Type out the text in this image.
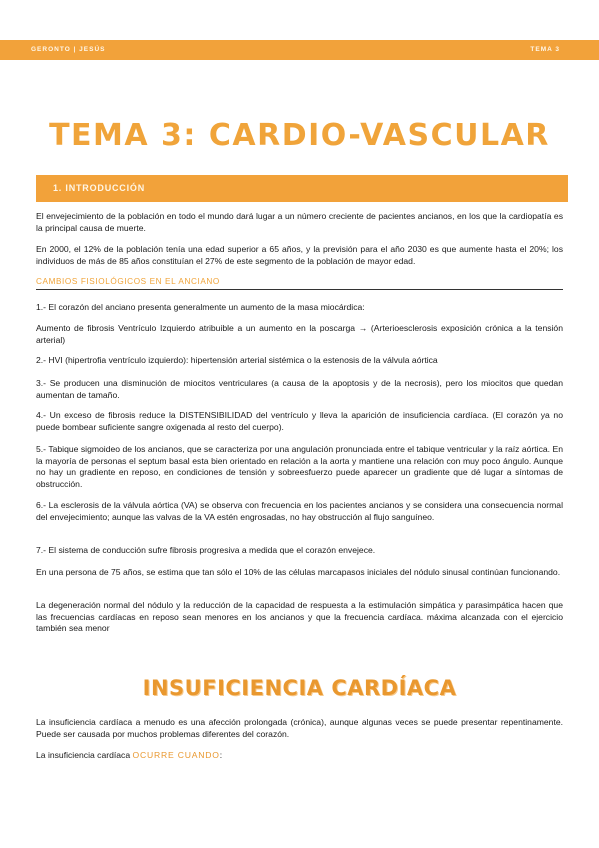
GERONTO | JESÚS	TEMA 3
TEMA 3: CARDIO-VASCULAR
1. INTRODUCCIÓN
El envejecimiento de la población en todo el mundo dará lugar a un número creciente de pacientes ancianos, en los que la cardiopatía es la principal causa de muerte.
En 2000, el 12% de la población tenía una edad superior a 65 años, y la previsión para el año 2030 es que aumente hasta el 20%; los individuos de más de 85 años constituían el 27% de este segmento de la población de mayor edad.
CAMBIOS FISIOLÓGICOS EN EL ANCIANO
1.- El corazón del anciano presenta generalmente un aumento de la masa miocárdica:
Aumento de fibrosis Ventrículo Izquierdo atribuible a un aumento en la poscarga → (Arterioesclerosis exposición crónica a la tensión arterial)
2.- HVI (hipertrofia ventrículo izquierdo): hipertensión arterial sistémica o la estenosis de la válvula aórtica
3.- Se producen una disminución de miocitos ventriculares (a causa de la apoptosis y de la necrosis), pero los miocitos que quedan aumentan de tamaño.
4.- Un exceso de fibrosis reduce la DISTENSIBILIDAD del ventrículo y lleva la aparición de insuficiencia cardíaca. (El corazón ya no puede bombear suficiente sangre oxigenada al resto del cuerpo).
5.- Tabique sigmoideo de los ancianos, que se caracteriza por una angulación pronunciada entre el tabique ventricular y la raíz aórtica. En la mayoría de personas el septum basal esta bien orientado en relación a la aorta y mantiene una relación con muy poco ángulo. Aunque no hay un gradiente en reposo, en condiciones de tensión y sobreesfuerzo puede aparecer un gradiente que dé lugar a síntomas de obstrucción.
6.- La esclerosis de la válvula aórtica (VA) se observa con frecuencia en los pacientes ancianos y se considera una consecuencia normal del envejecimiento; aunque las valvas de la VA estén engrosadas, no hay obstrucción al flujo sanguíneo.
7.- El sistema de conducción sufre fibrosis progresiva a medida que el corazón envejece.
En una persona de 75 años, se estima que tan sólo el 10% de las células marcapasos iniciales del nódulo sinusal continúan funcionando.
La degeneración normal del nódulo y la reducción de la capacidad de respuesta a la estimulación simpática y parasimpática hacen que las frecuencias cardíacas en reposo sean menores en los ancianos y que la frecuencia cardíaca. máxima alcanzada con el ejercicio también sea menor
INSUFICIENCIA CARDÍACA
La insuficiencia cardíaca a menudo es una afección prolongada (crónica), aunque algunas veces se puede presentar repentinamente. Puede ser causada por muchos problemas diferentes del corazón.
La insuficiencia cardíaca OCURRE CUANDO:
